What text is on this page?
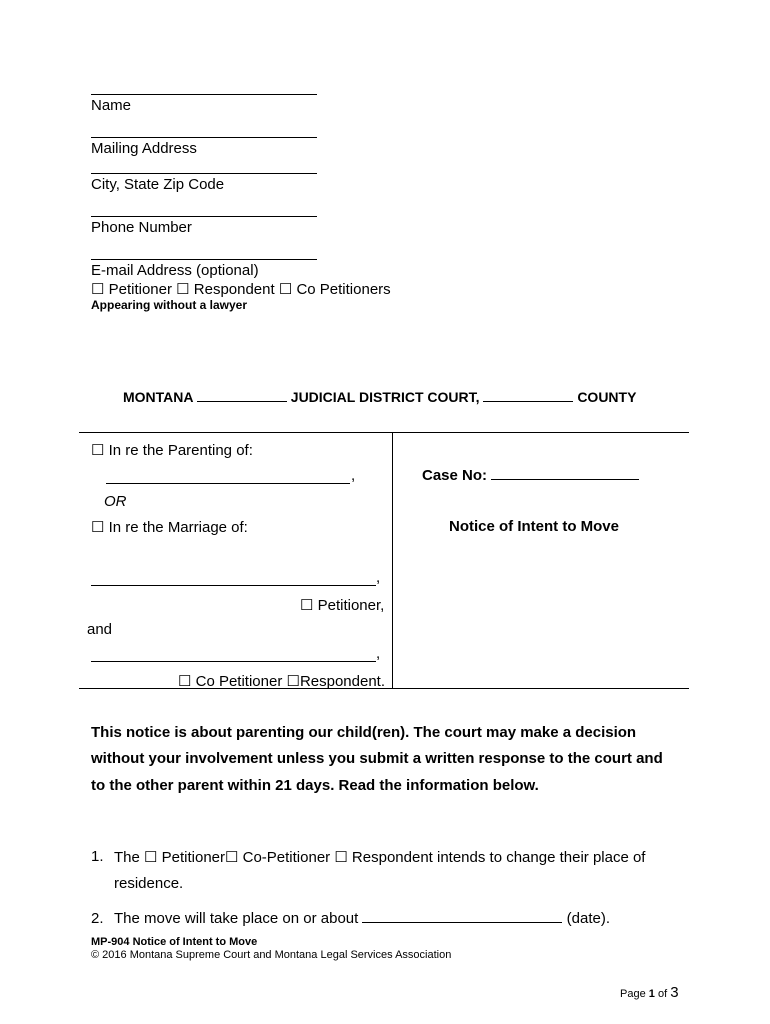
Name
Mailing Address
City, State Zip Code
Phone Number
E-mail Address (optional)
☐ Petitioner ☐ Respondent ☐ Co Petitioners
Appearing without a lawyer
MONTANA	JUDICIAL DISTRICT COURT,	COUNTY
☐ In re the Parenting of:
,
OR
☐ In re the Marriage of:
,
☐ Petitioner,
and
,
☐ Co Petitioner ☐Respondent.
Case No:
Notice of Intent to Move
This notice is about parenting our child(ren). The court may make a decision
without your involvement unless you submit a written response to the court and
to the other parent within 21 days. Read the information below.
1. The ☐ Petitioner☐ Co-Petitioner ☐ Respondent intends to change their place of
residence.
2. The move will take place on or about	(date).
MP-904 Notice of Intent to Move
© 2016 Montana Supreme Court and Montana Legal Services Association
Page 1 of 3
